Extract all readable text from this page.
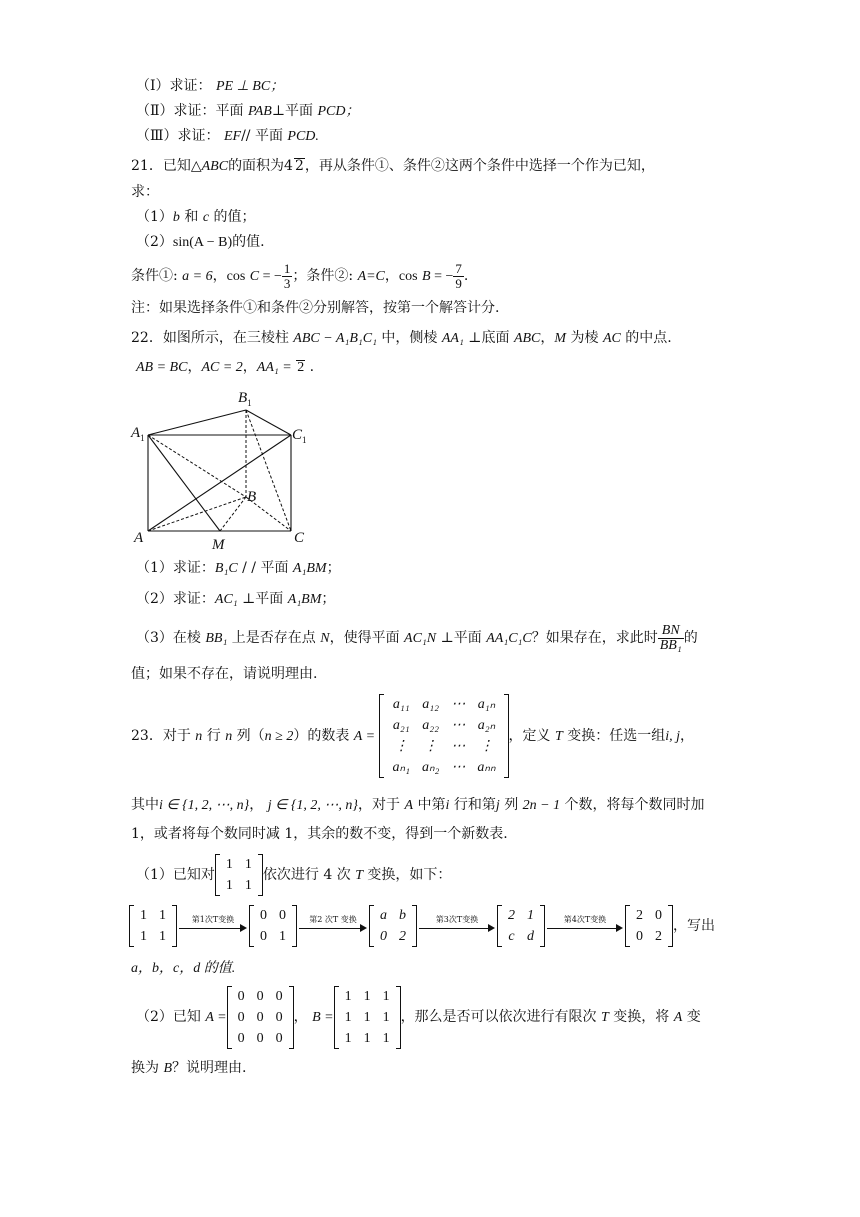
（Ⅰ）求证： PE ⊥ BC；
（Ⅱ）求证：平面 PAB⊥平面 PCD；
（Ⅲ）求证： EF// 平面 PCD.
21．已知△ABC的面积为4 2，再从条件①、条件②这两个条件中选择一个作为已知，
求：
（1）b 和 c 的值；
（2）sin(A − B)的值.
条件①: a = 6，cos C = − $\frac{1}{3}$ ；条件②: A=C，cos B = − $\frac{7}{9}$ .
注：如果选择条件①和条件②分别解答，按第一个解答计分.
22．如图所示，在三棱柱 ABC − A₁B₁C₁ 中，侧棱 AA₁ ⊥底面 ABC，M 为棱 AC 的中点.
AB = BC，AC = 2，AA₁ = 2 .
$A_1$
$B_1$
$C_1$
A
B
C
M
（1）求证：B₁C / / 平面 A₁BM；
（2）求证：AC₁ ⊥平面 A₁BM；
（3）在棱 BB₁ 上是否存在点 N，使得平面 AC₁N ⊥平面 AA₁C₁C？如果存在，求此时 $\frac{BN}{\text{BB₁}}$ 的
值；如果不存在，请说明理由.
23．对于 n 行 n 列（n ≥ 2）的数表 A =
a₁₁	a₁₂	⋯	a₁ₙ
a₂₁	a₂₂	⋯	a₂ₙ
⋮	⋮	⋯	⋮
aₙ₁	aₙ₂	⋯	aₙₙ
，定义 T 变换：任选一组i, j，
其中i ∈ {1, 2, ⋯, n}， j ∈ {1, 2, ⋯, n}，对于 A 中第i 行和第j 列 2n − 1 个数，将每个数同时加
1，或者将每个数同时减 1，其余的数不变，得到一个新数表.
（1）已知对
1	1
1	1
依次进行 4 次 T 变换，如下：
1	1
1	1
第1次T变换	0	0
0	1
第2 次T 变换	a	b
0	2
第3次T变换	2	1
c	d
第4次T变换	2	0
0	2
，写出
a，b，c，d 的值.
（2）已知 A =
0	0	0
0	0	0
0	0	0
， B =
1	1	1
1	1	1
1	1	1
，那么是否可以依次进行有限次 T 变换，将 A 变
换为 B？说明理由.
